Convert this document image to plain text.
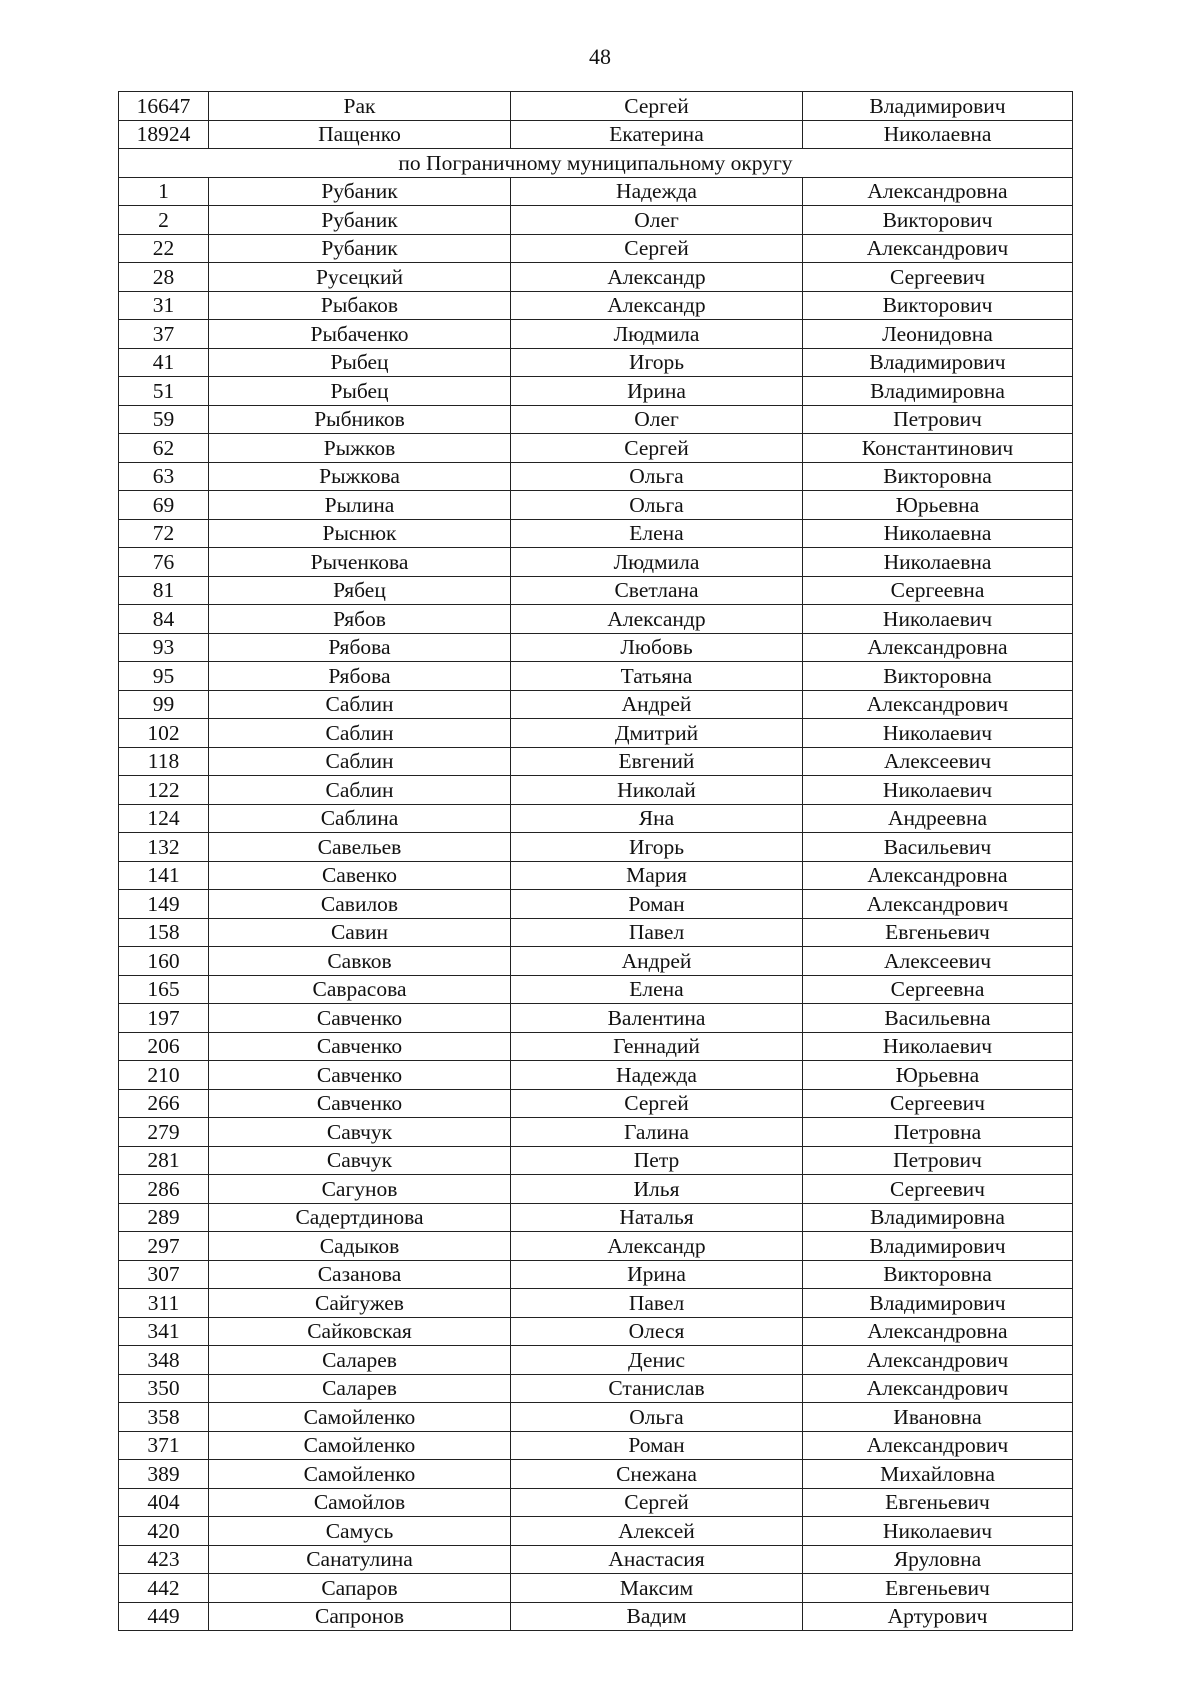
48
16647	Рак	Сергей	Владимирович
18924	Пащенко	Екатерина	Николаевна
по Пограничному муниципальному округу			
1	Рубаник	Надежда	Александровна
2	Рубаник	Олег	Викторович
22	Рубаник	Сергей	Александрович
28	Русецкий	Александр	Сергеевич
31	Рыбаков	Александр	Викторович
37	Рыбаченко	Людмила	Леонидовна
41	Рыбец	Игорь	Владимирович
51	Рыбец	Ирина	Владимировна
59	Рыбников	Олег	Петрович
62	Рыжков	Сергей	Константинович
63	Рыжкова	Ольга	Викторовна
69	Рылина	Ольга	Юрьевна
72	Рыснюк	Елена	Николаевна
76	Рыченкова	Людмила	Николаевна
81	Рябец	Светлана	Сергеевна
84	Рябов	Александр	Николаевич
93	Рябова	Любовь	Александровна
95	Рябова	Татьяна	Викторовна
99	Саблин	Андрей	Александрович
102	Саблин	Дмитрий	Николаевич
118	Саблин	Евгений	Алексеевич
122	Саблин	Николай	Николаевич
124	Саблина	Яна	Андреевна
132	Савельев	Игорь	Васильевич
141	Савенко	Мария	Александровна
149	Савилов	Роман	Александрович
158	Савин	Павел	Евгеньевич
160	Савков	Андрей	Алексеевич
165	Саврасова	Елена	Сергеевна
197	Савченко	Валентина	Васильевна
206	Савченко	Геннадий	Николаевич
210	Савченко	Надежда	Юрьевна
266	Савченко	Сергей	Сергеевич
279	Савчук	Галина	Петровна
281	Савчук	Петр	Петрович
286	Сагунов	Илья	Сергеевич
289	Садертдинова	Наталья	Владимировна
297	Садыков	Александр	Владимирович
307	Сазанова	Ирина	Викторовна
311	Сайгужев	Павел	Владимирович
341	Сайковская	Олеся	Александровна
348	Саларев	Денис	Александрович
350	Саларев	Станислав	Александрович
358	Самойленко	Ольга	Ивановна
371	Самойленко	Роман	Александрович
389	Самойленко	Снежана	Михайловна
404	Самойлов	Сергей	Евгеньевич
420	Самусь	Алексей	Николаевич
423	Санатулина	Анастасия	Яруловна
442	Сапаров	Максим	Евгеньевич
449	Сапронов	Вадим	Артурович
